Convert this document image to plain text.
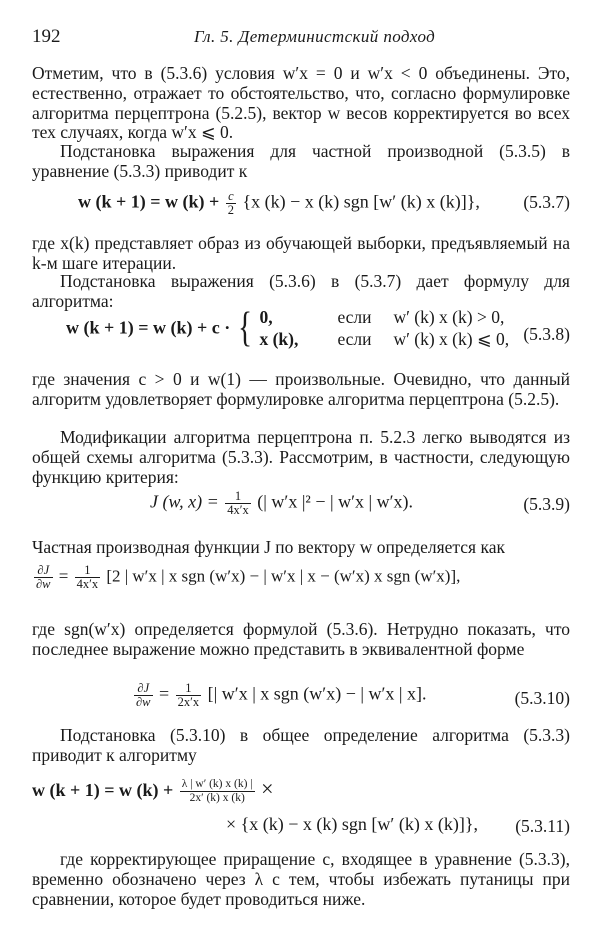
192	Гл. 5. Детерминистский подход

Отметим, что в (5.3.6) условия w′x = 0 и w′x < 0 объединены. Это, естественно, отражает то обстоятельство, что, согласно формулировке алгоритма перцептрона (5.2.5), вектор w весов корректируется во всех тех случаях, когда w′x ⩽ 0.

Подстановка выражения для частной производной (5.3.5) в уравнение (5.3.3) приводит к

w (k + 1) = w $(k) + \frac{c}{2} \{x$ (k) − x (k) sgn [w′ (k) x (k)]}, (5.3.7)

где x(k) представляет образ из обучающей выборки, предъявляемый на k-м шаге итерации.

Подстановка выражения (5.3.6) в (5.3.7) дает формулу для алгоритма:

w (k + 1) = w (k) + c · { 0,	если w′ (k) x (k) > 0,
x (k), если w′ (k) x (k) ⩽ 0, (5.3.8)

где значения c > 0 и w(1) — произвольные. Очевидно, что данный алгоритм удовлетворяет формулировке алгоритма перцептрона (5.2.5).

Модификации алгоритма перцептрона п. 5.2.3 легко выводятся из общей схемы алгоритма (5.3.3). Рассмотрим, в частности, следующую функцию критерия:

J (w, $x) = \frac{1}{4x'x}$ (| w′x |² − | w′x | w′x).	(5.3.9)

Частная производная функции J по вектору w определяется как

$\frac{\partial J}{\partial w} = \frac{1}{4x'x} [2$ | w′x | x sgn (w′x) − | w′x | x − (w′x) x sgn (w′x)],

где sgn(w′x) определяется формулой (5.3.6). Нетрудно показать, что последнее выражение можно представить в эквивалентной форме

$\frac{\partial J}{\partial w} = \frac{1}{2x'x}$ [| w′x | x sgn (w′x) − | w′x | x].	(5.3.10)

Подстановка (5.3.10) в общее определение алгоритма (5.3.3) приводит к алгоритму

w (k + 1) = w $(k) + \frac{\lambda | w' (k) x (k) |}{2x' (k) x (k)}$ ×
× {x (k) − x (k) sgn [w′ (k) x (k)]}, (5.3.11)

где корректирующее приращение c, входящее в уравнение (5.3.3), временно обозначено через λ с тем, чтобы избежать путаницы при сравнении, которое будет проводиться ниже.
